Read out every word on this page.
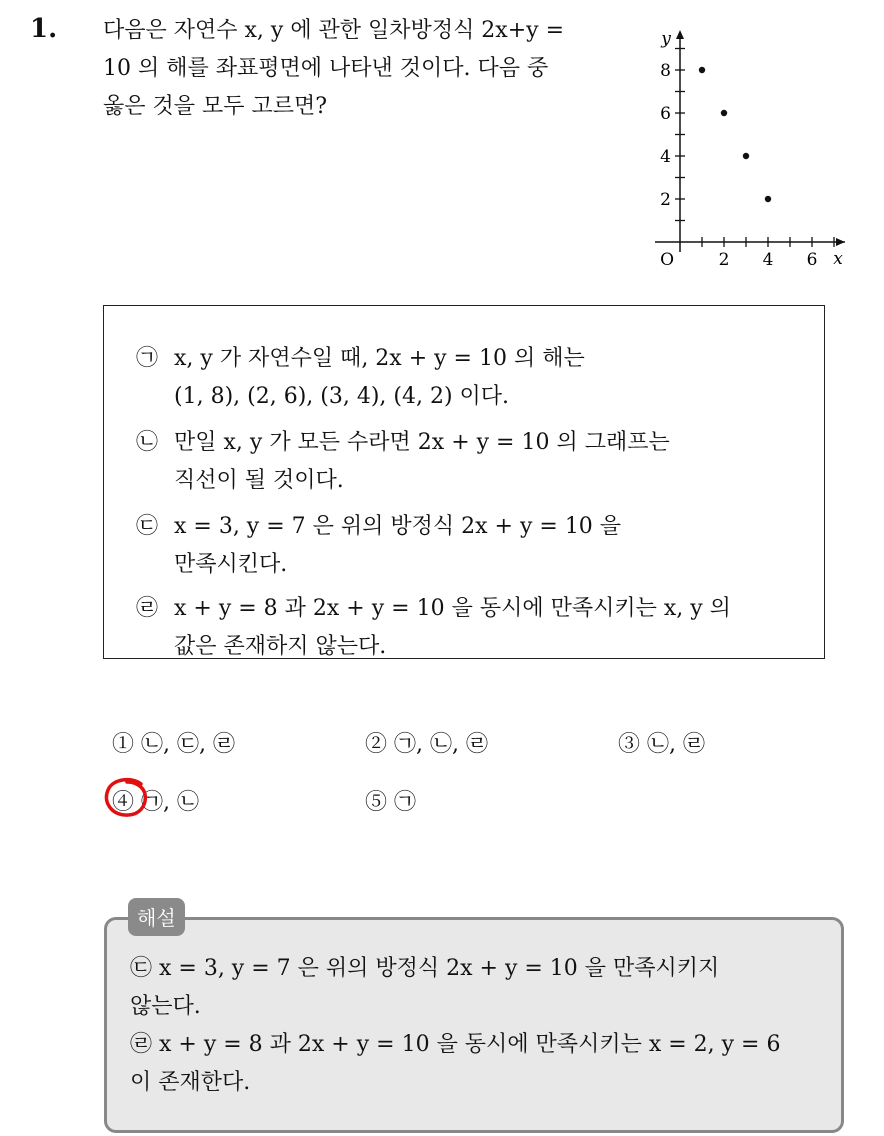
1. 다음은 자연수 x, y 에 관한 일차방정식 2x+y =
10 의 해를 좌표평면에 나타낸 것이다. 다음 중
옳은 것을 모두 고르면?
2 4 6
2
4
6
8
O	x
y
㉠ x, y 가 자연수일 때, 2x + y = 10 의 해는
(1, 8), (2, 6), (3, 4), (4, 2) 이다.
㉡ 만일 x, y 가 모든 수라면 2x + y = 10 의 그래프는
직선이 될 것이다.
㉢ x = 3, y = 7 은 위의 방정식 2x + y = 10 을
만족시킨다.
㉣ x + y = 8 과 2x + y = 10 을 동시에 만족시키는 x, y 의
값은 존재하지 않는다.
① ㉡, ㉢, ㉣	② ㉠, ㉡, ㉣	③ ㉡, ㉣
④ ㉠, ㉡	⑤ ㉠
해설
㉢ x = 3, y = 7 은 위의 방정식 2x + y = 10 을 만족시키지
않는다.
㉣ x + y = 8 과 2x + y = 10 을 동시에 만족시키는 x = 2, y = 6
이 존재한다.
